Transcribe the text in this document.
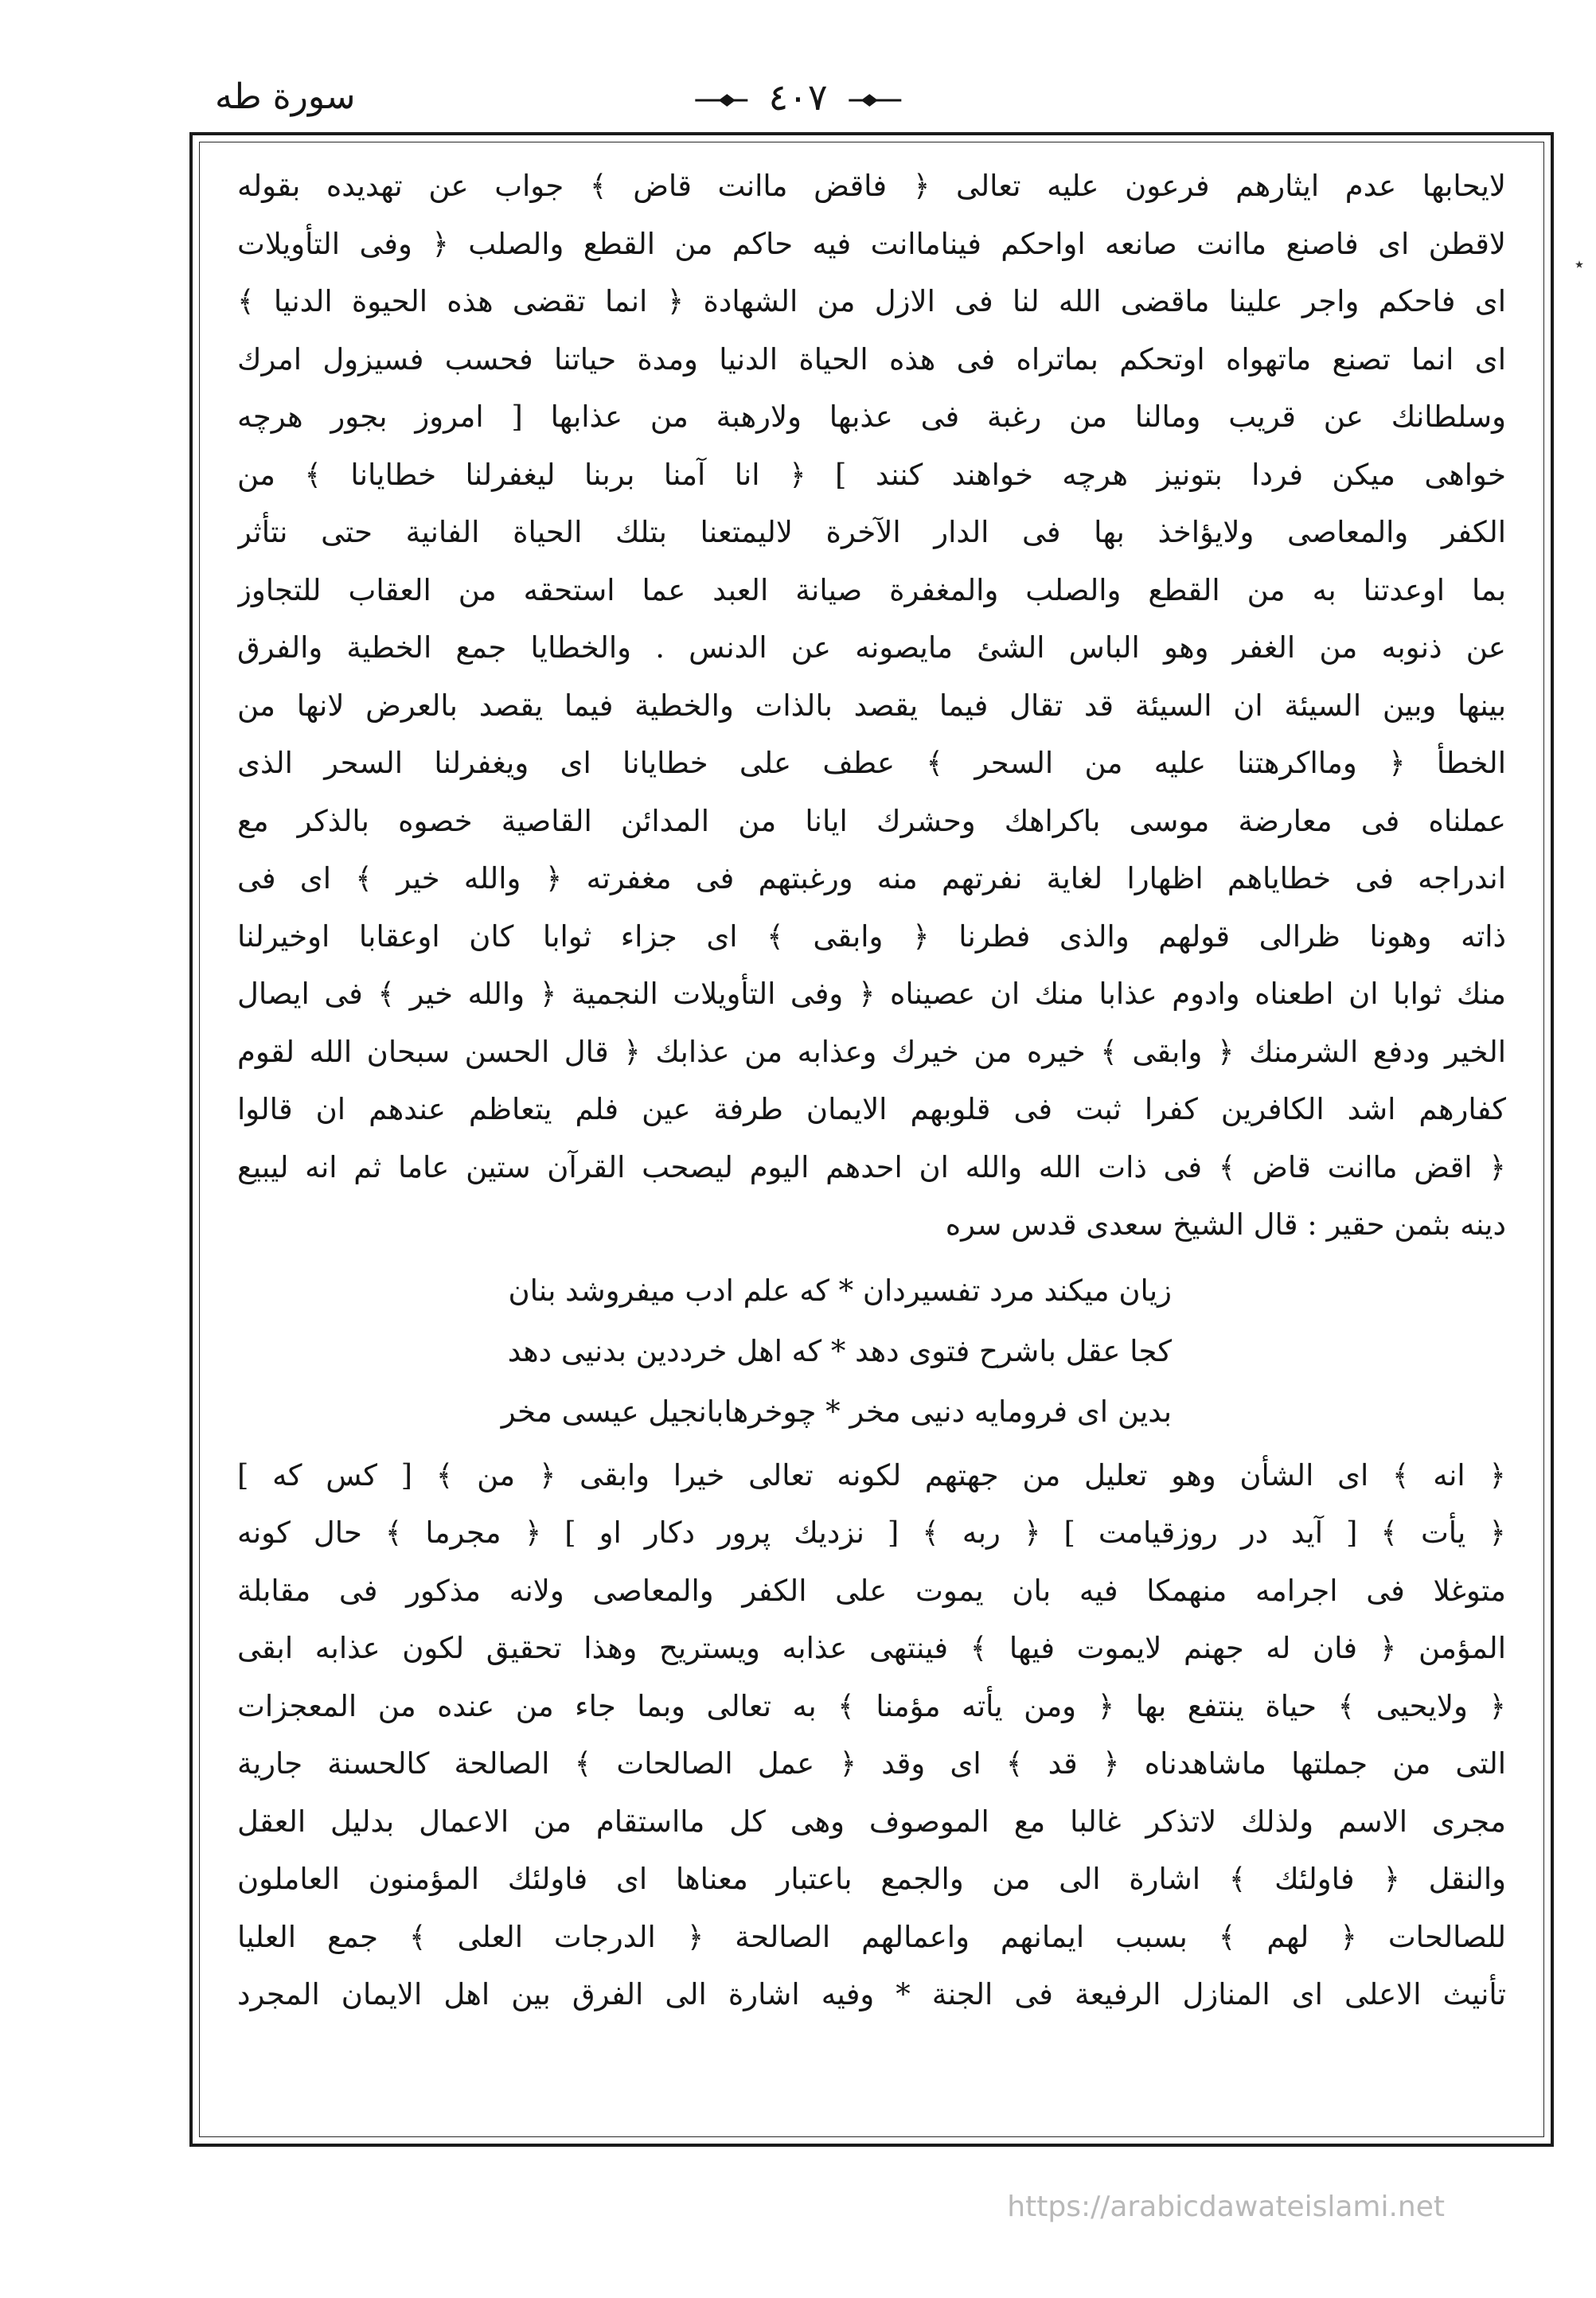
٤٠٧
سورة طه
٭
لايحابها عدم ايثارهم فرعون عليه تعالى ﴿ فاقض ماانت قاض ﴾ جواب عن تهديده بقوله
لاقطن اى فاصنع ماانت صانعه اواحكم فيناماانت فيه حاكم من القطع والصلب ﴿ وفى التأويلات
اى فاحكم واجر علينا ماقضى الله لنا فى الازل من الشهادة ﴿ انما تقضى هذه الحيوة الدنيا ﴾
اى انما تصنع ماتهواه اوتحكم بماتراه فى هذه الحياة الدنيا ومدة حياتنا فحسب فسيزول امرك
وسلطانك عن قريب ومالنا من رغبة فى عذبها ولارهبة من عذابها [ امروز بجور هرچه
خواهى ميكن فردا بتونيز هرچه خواهند كنند ] ﴿ انا آمنا بربنا ليغفرلنا خطايانا ﴾ من
الكفر والمعاصى ولايؤاخذ بها فى الدار الآخرة لاليمتعنا بتلك الحياة الفانية حتى نتأثر
بما اوعدتنا به من القطع والصلب والمغفرة صيانة العبد عما استحقه من العقاب للتجاوز
عن ذنوبه من الغفر وهو الباس الشئ مايصونه عن الدنس . والخطايا جمع الخطية والفرق
بينها وبين السيئة ان السيئة قد تقال فيما يقصد بالذات والخطية فيما يقصد بالعرض لانها من
الخطأ ﴿ ومااكرهتنا عليه من السحر ﴾ عطف على خطايانا اى ويغفرلنا السحر الذى
عملناه فى معارضة موسى باكراهك وحشرك ايانا من المدائن القاصية خصوه بالذكر مع
اندراجه فى خطاياهم اظهارا لغاية نفرتهم منه ورغبتهم فى مغفرته ﴿ والله خير ﴾ اى فى
ذاته وهونا ظرالى قولهم والذى فطرنا ﴿ وابقى ﴾ اى جزاء ثوابا كان اوعقابا اوخيرلنا
منك ثوابا ان اطعناه وادوم عذابا منك ان عصيناه ﴿ وفى التأويلات النجمية ﴿ والله خير ﴾ فى ايصال
الخير ودفع الشرمنك ﴿ وابقى ﴾ خيره من خيرك وعذابه من عذابك ﴿ قال الحسن سبحان الله لقوم
كفارهم اشد الكافرين كفرا ثبت فى قلوبهم الايمان طرفة عين فلم يتعاظم عندهم ان قالوا
﴿ اقض ماانت قاض ﴾ فى ذات الله والله ان احدهم اليوم ليصحب القرآن ستين عاما ثم انه ليبيع
دينه بثمن حقير : قال الشيخ سعدى قدس سره
زيان ميكند مرد تفسيردان * كه علم ادب ميفروشد بنان
كجا عقل باشرح فتوى دهد * كه اهل خرددين بدنيى دهد
بدين اى فرومايه دنيى مخر * چوخرهابانجيل عيسى مخر
﴿ انه ﴾ اى الشأن وهو تعليل من جهتهم لكونه تعالى خيرا وابقى ﴿ من ﴾ [ كس كه ]
﴿ يأت ﴾ [ آيد در روزقيامت ] ﴿ ربه ﴾ [ نزديك پرور دكار او ] ﴿ مجرما ﴾ حال كونه
متوغلا فى اجرامه منهمكا فيه بان يموت على الكفر والمعاصى ولانه مذكور فى مقابلة
المؤمن ﴿ فان له جهنم لايموت فيها ﴾ فينتهى عذابه ويستريح وهذا تحقيق لكون عذابه ابقى
﴿ ولايحيى ﴾ حياة ينتفع بها ﴿ ومن يأته مؤمنا ﴾ به تعالى وبما جاء من عنده من المعجزات
التى من جملتها ماشاهدناه ﴿ قد ﴾ اى وقد ﴿ عمل الصالحات ﴾ الصالحة كالحسنة جارية
مجرى الاسم ولذلك لاتذكر غالبا مع الموصوف وهى كل مااستقام من الاعمال بدليل العقل
والنقل ﴿ فاولئك ﴾ اشارة الى من والجمع باعتبار معناها اى فاولئك المؤمنون العاملون
للصالحات ﴿ لهم ﴾ بسبب ايمانهم واعمالهم الصالحة ﴿ الدرجات العلى ﴾ جمع العليا
تأنيث الاعلى اى المنازل الرفيعة فى الجنة * وفيه اشارة الى الفرق بين اهل الايمان المجرد
https://arabicdawateislami.net
